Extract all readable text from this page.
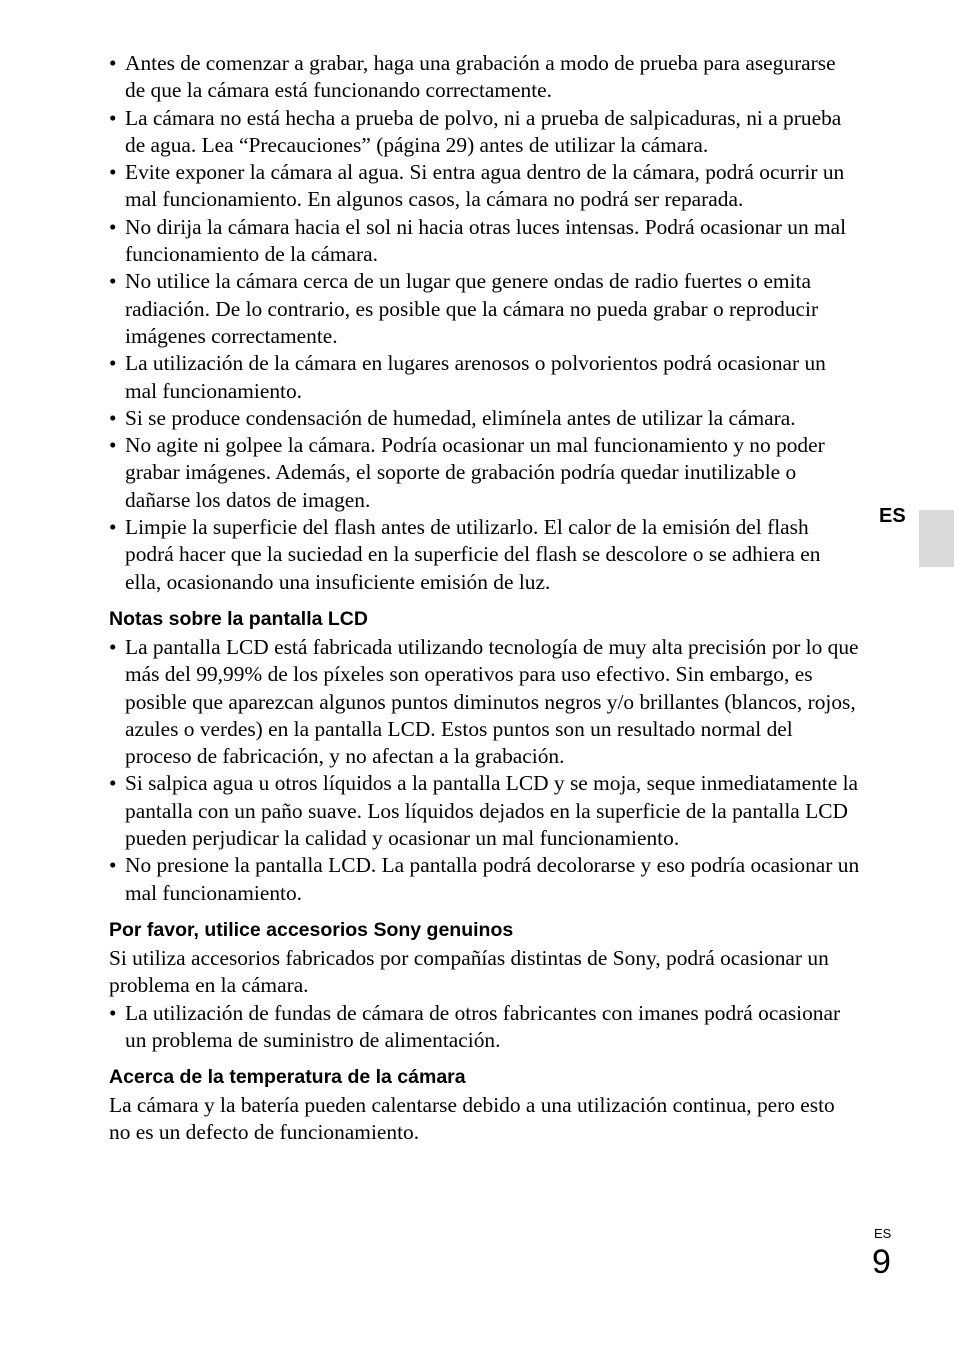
• Antes de comenzar a grabar, haga una grabación a modo de prueba para asegurarse de que la cámara está funcionando correctamente.
• La cámara no está hecha a prueba de polvo, ni a prueba de salpicaduras, ni a prueba de agua. Lea “Precauciones” (página 29) antes de utilizar la cámara.
• Evite exponer la cámara al agua. Si entra agua dentro de la cámara, podrá ocurrir un mal funcionamiento. En algunos casos, la cámara no podrá ser reparada.
• No dirija la cámara hacia el sol ni hacia otras luces intensas. Podrá ocasionar un mal funcionamiento de la cámara.
• No utilice la cámara cerca de un lugar que genere ondas de radio fuertes o emita radiación. De lo contrario, es posible que la cámara no pueda grabar o reproducir imágenes correctamente.
• La utilización de la cámara en lugares arenosos o polvorientos podrá ocasionar un mal funcionamiento.
• Si se produce condensación de humedad, elimínela antes de utilizar la cámara.
• No agite ni golpee la cámara. Podría ocasionar un mal funcionamiento y no poder grabar imágenes. Además, el soporte de grabación podría quedar inutilizable o dañarse los datos de imagen.
• Limpie la superficie del flash antes de utilizarlo. El calor de la emisión del flash podrá hacer que la suciedad en la superficie del flash se descolore o se adhiera en ella, ocasionando una insuficiente emisión de luz.
Notas sobre la pantalla LCD
• La pantalla LCD está fabricada utilizando tecnología de muy alta precisión por lo que más del 99,99% de los píxeles son operativos para uso efectivo. Sin embargo, es posible que aparezcan algunos puntos diminutos negros y/o brillantes (blancos, rojos, azules o verdes) en la pantalla LCD. Estos puntos son un resultado normal del proceso de fabricación, y no afectan a la grabación.
• Si salpica agua u otros líquidos a la pantalla LCD y se moja, seque inmediatamente la pantalla con un paño suave. Los líquidos dejados en la superficie de la pantalla LCD pueden perjudicar la calidad y ocasionar un mal funcionamiento.
• No presione la pantalla LCD. La pantalla podrá decolorarse y eso podría ocasionar un mal funcionamiento.
Por favor, utilice accesorios Sony genuinos

Si utiliza accesorios fabricados por compañías distintas de Sony, podrá ocasionar un problema en la cámara.

• La utilización de fundas de cámara de otros fabricantes con imanes podrá ocasionar un problema de suministro de alimentación.
Acerca de la temperatura de la cámara

La cámara y la batería pueden calentarse debido a una utilización continua, pero esto no es un defecto de funcionamiento.

ES
ES
9
